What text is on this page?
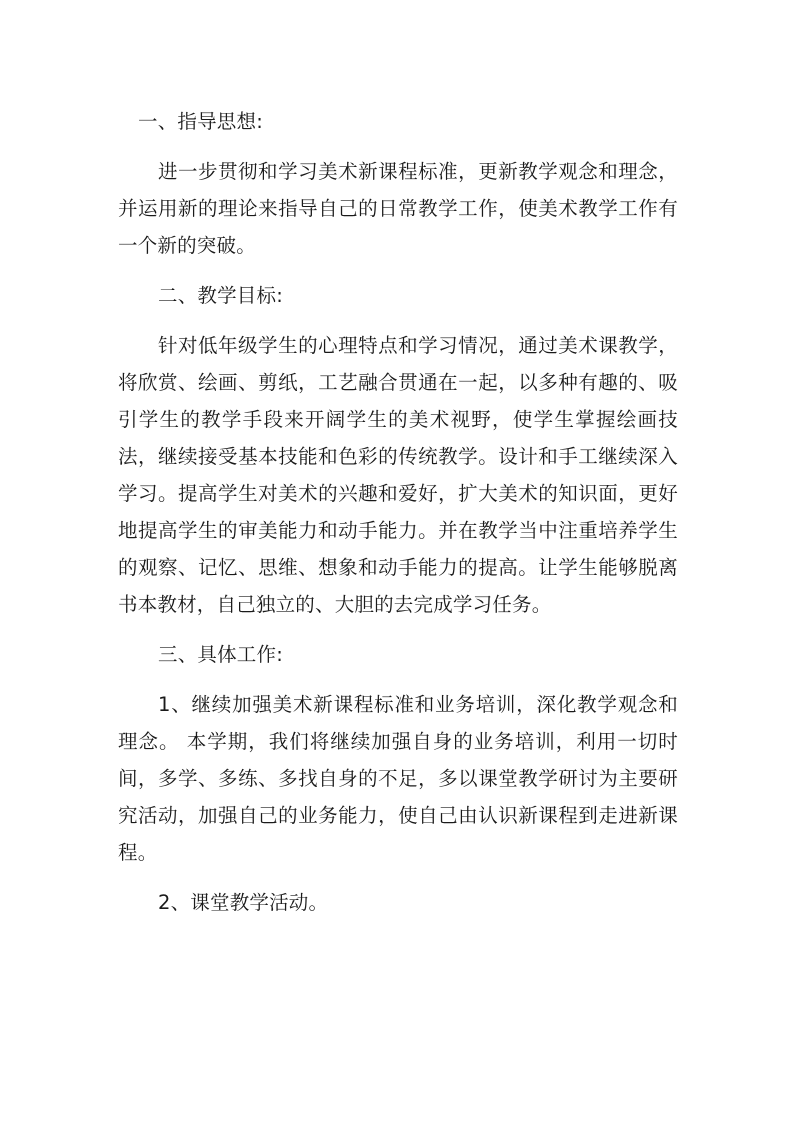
一、指导思想:

进一步贯彻和学习美术新课程标准，更新教学观念和理念，并运用新的理论来指导自己的日常教学工作，使美术教学工作有一个新的突破。

二、教学目标:

针对低年级学生的心理特点和学习情况，通过美术课教学，将欣赏、绘画、剪纸，工艺融合贯通在一起，以多种有趣的、吸引学生的教学手段来开阔学生的美术视野，使学生掌握绘画技法，继续接受基本技能和色彩的传统教学。设计和手工继续深入学习。提高学生对美术的兴趣和爱好，扩大美术的知识面，更好地提高学生的审美能力和动手能力。并在教学当中注重培养学生的观察、记忆、思维、想象和动手能力的提高。让学生能够脱离书本教材，自己独立的、大胆的去完成学习任务。

三、具体工作:

1、继续加强美术新课程标准和业务培训，深化教学观念和理念。 本学期，我们将继续加强自身的业务培训，利用一切时间，多学、多练、多找自身的不足，多以课堂教学研讨为主要研究活动，加强自己的业务能力，使自己由认识新课程到走进新课程。

2、课堂教学活动。
